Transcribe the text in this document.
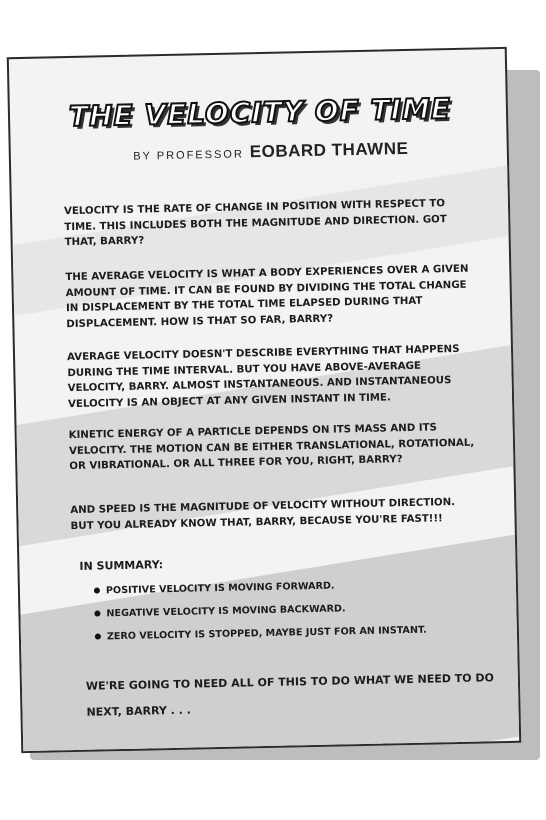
THE VELOCITY OF TIME
BY PROFESSOR EOBARD THAWNE
VELOCITY IS THE RATE OF CHANGE IN POSITION WITH RESPECT TO TIME. THIS INCLUDES BOTH THE MAGNITUDE AND DIRECTION. GOT THAT, BARRY?
THE AVERAGE VELOCITY IS WHAT A BODY EXPERIENCES OVER A GIVEN AMOUNT OF TIME. IT CAN BE FOUND BY DIVIDING THE TOTAL CHANGE IN DISPLACEMENT BY THE TOTAL TIME ELAPSED DURING THAT DISPLACEMENT. HOW IS THAT SO FAR, BARRY?
AVERAGE VELOCITY DOESN'T DESCRIBE EVERYTHING THAT HAPPENS DURING THE TIME INTERVAL. BUT YOU HAVE ABOVE-AVERAGE VELOCITY, BARRY. ALMOST INSTANTANEOUS. AND INSTANTANEOUS VELOCITY IS AN OBJECT AT ANY GIVEN INSTANT IN TIME.
KINETIC ENERGY OF A PARTICLE DEPENDS ON ITS MASS AND ITS VELOCITY. THE MOTION CAN BE EITHER TRANSLATIONAL, ROTATIONAL, OR VIBRATIONAL. OR ALL THREE FOR YOU, RIGHT, BARRY?
AND SPEED IS THE MAGNITUDE OF VELOCITY WITHOUT DIRECTION. BUT YOU ALREADY KNOW THAT, BARRY, BECAUSE YOU'RE FAST!!!
IN SUMMARY:
POSITIVE VELOCITY IS MOVING FORWARD.
NEGATIVE VELOCITY IS MOVING BACKWARD.
ZERO VELOCITY IS STOPPED, MAYBE JUST FOR AN INSTANT.
WE'RE GOING TO NEED ALL OF THIS TO DO WHAT WE NEED TO DO NEXT, BARRY . . .
